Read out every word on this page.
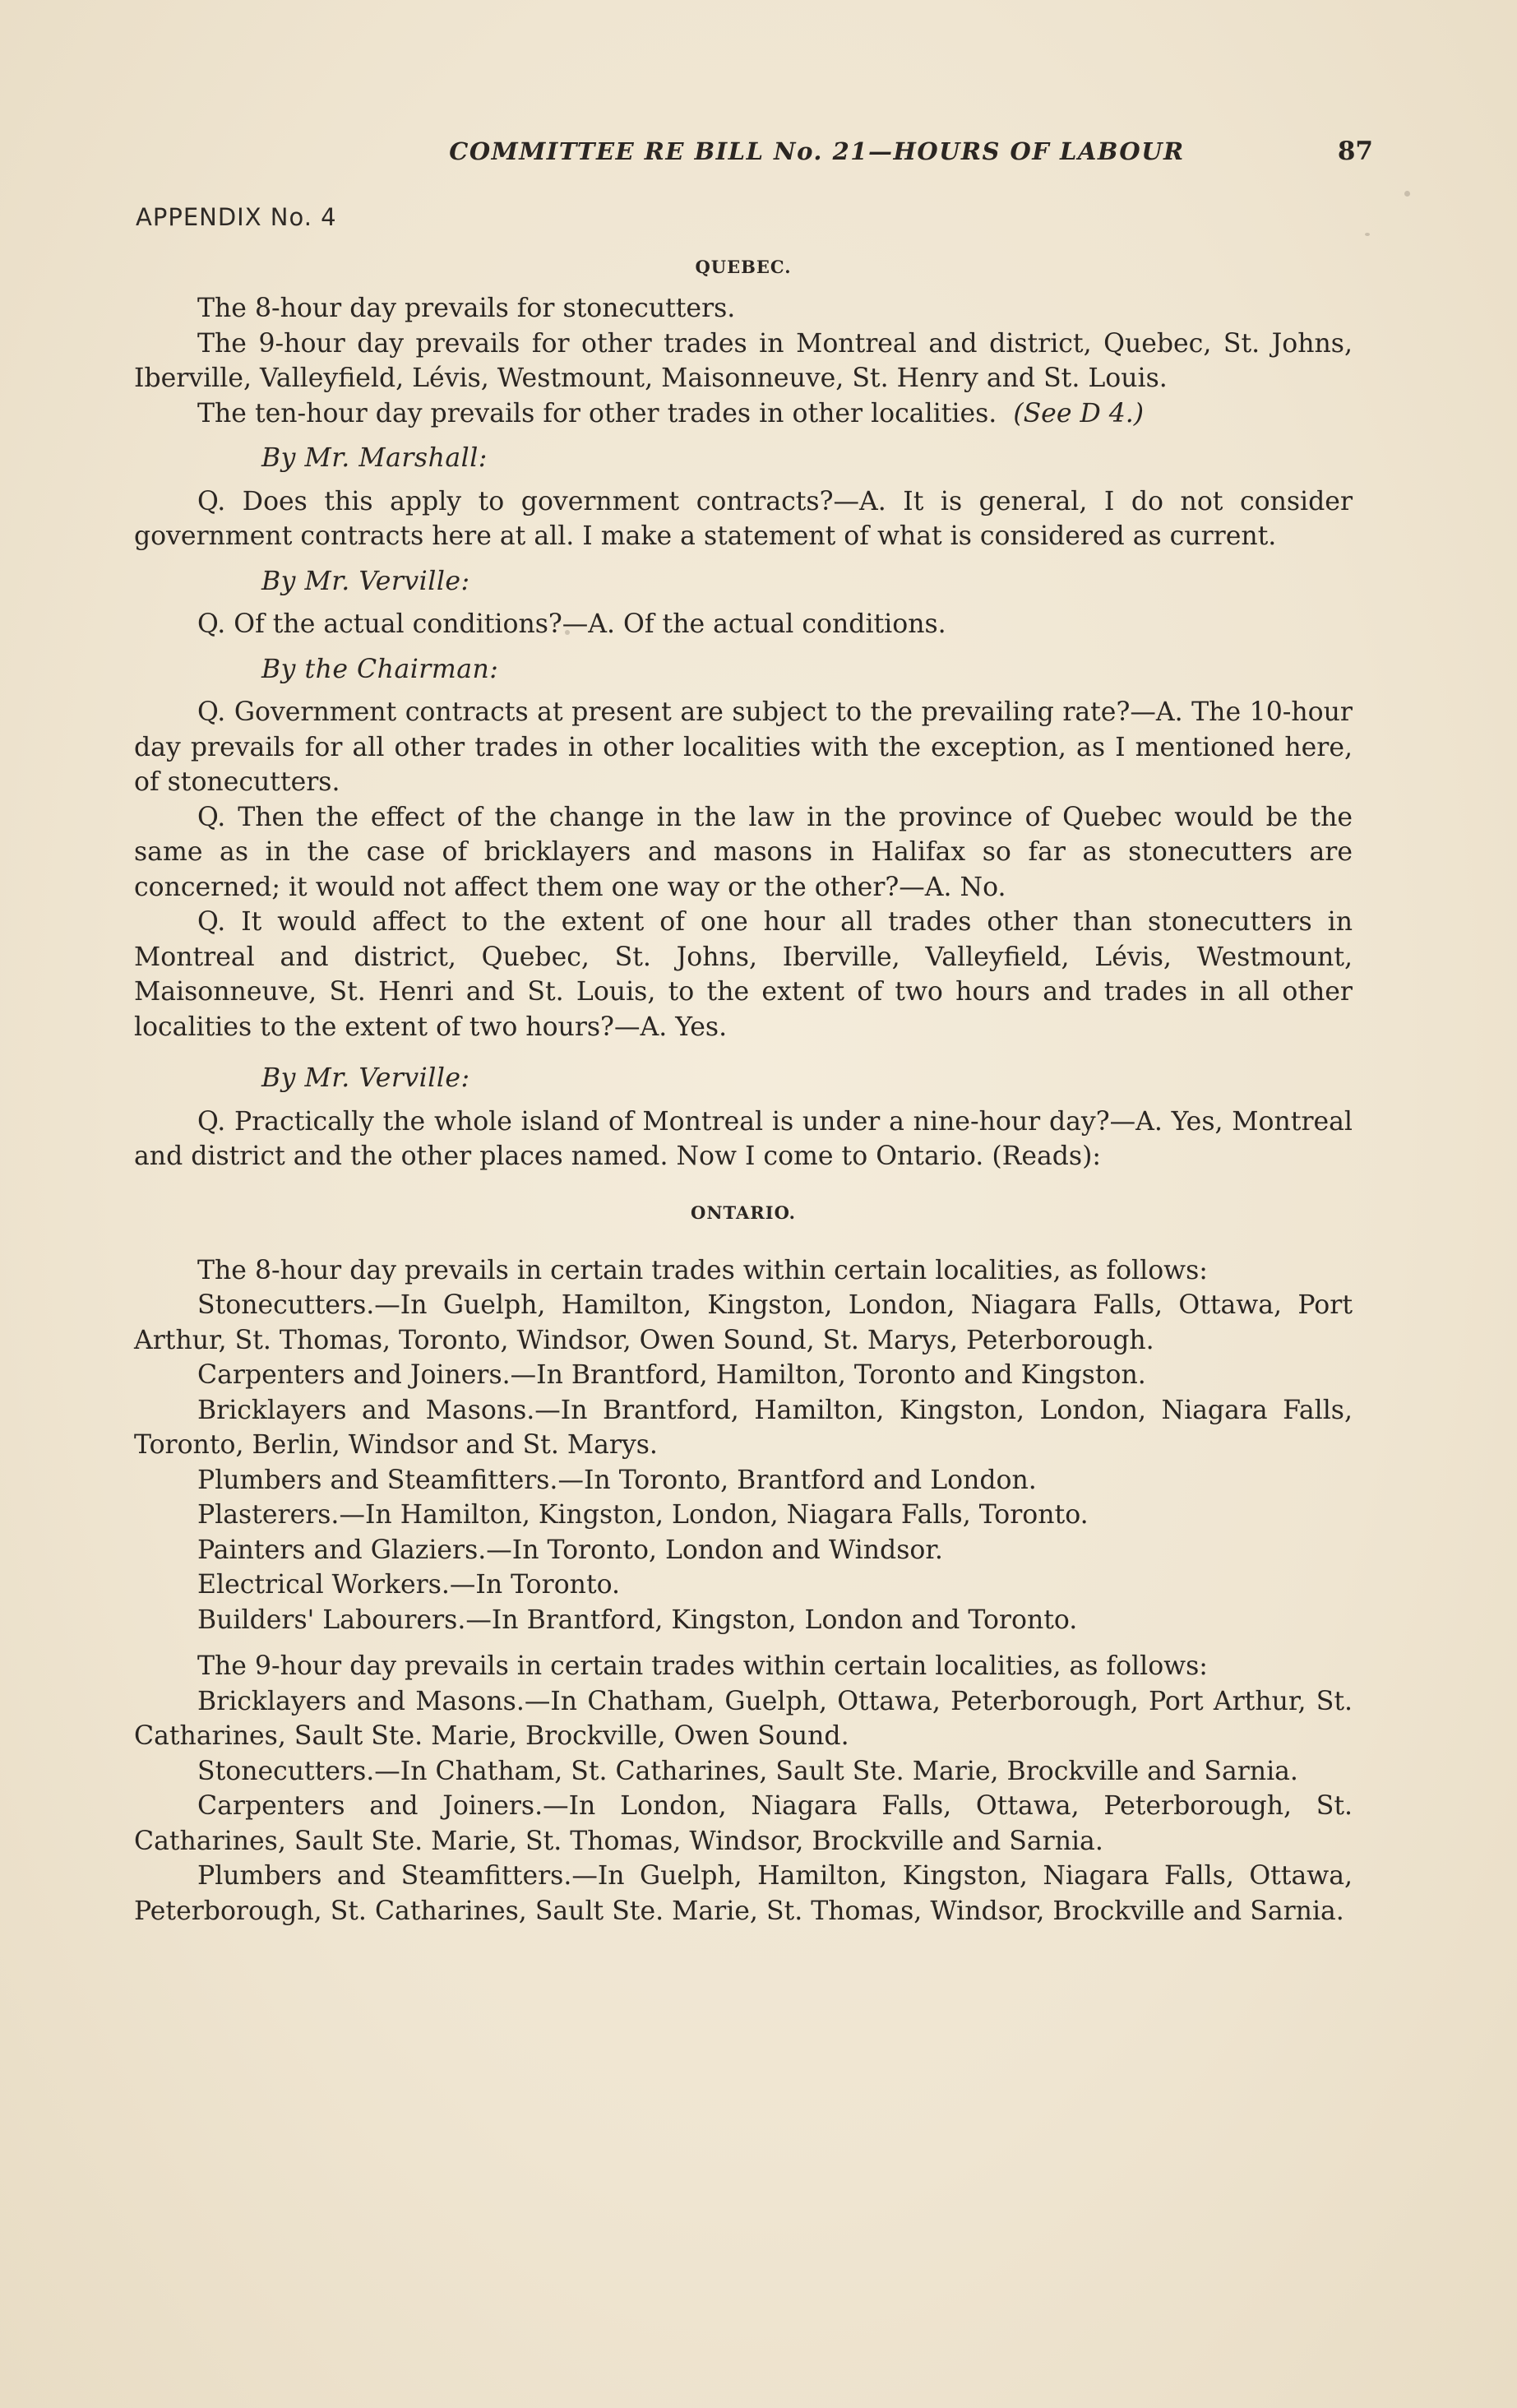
COMMITTEE RE BILL No. 21—HOURS OF LABOUR	87
APPENDIX No. 4
QUEBEC.

The 8-hour day prevails for stonecutters.

The 9-hour day prevails for other trades in Montreal and district, Quebec, St. Johns, Iberville, Valleyfield, Lévis, Westmount, Maisonneuve, St. Henry and St. Louis.

The ten-hour day prevails for other trades in other localities. (See D 4.)

By Mr. Marshall:

Q. Does this apply to government contracts?—A. It is general, I do not consider government contracts here at all. I make a statement of what is considered as current.

By Mr. Verville:

Q. Of the actual conditions?—A. Of the actual conditions.

By the Chairman:

Q. Government contracts at present are subject to the prevailing rate?—A. The 10-hour day prevails for all other trades in other localities with the exception, as I mentioned here, of stonecutters.

Q. Then the effect of the change in the law in the province of Quebec would be the same as in the case of bricklayers and masons in Halifax so far as stonecutters are concerned; it would not affect them one way or the other?—A. No.

Q. It would affect to the extent of one hour all trades other than stonecutters in Montreal and district, Quebec, St. Johns, Iberville, Valleyfield, Lévis, Westmount, Maisonneuve, St. Henri and St. Louis, to the extent of two hours and trades in all other localities to the extent of two hours?—A. Yes.

By Mr. Verville:

Q. Practically the whole island of Montreal is under a nine-hour day?—A. Yes, Montreal and district and the other places named. Now I come to Ontario. (Reads):

ONTARIO.

The 8-hour day prevails in certain trades within certain localities, as follows:

Stonecutters.—In Guelph, Hamilton, Kingston, London, Niagara Falls, Ottawa, Port Arthur, St. Thomas, Toronto, Windsor, Owen Sound, St. Marys, Peterborough.

Carpenters and Joiners.—In Brantford, Hamilton, Toronto and Kingston.

Bricklayers and Masons.—In Brantford, Hamilton, Kingston, London, Niagara Falls, Toronto, Berlin, Windsor and St. Marys.

Plumbers and Steamfitters.—In Toronto, Brantford and London.

Plasterers.—In Hamilton, Kingston, London, Niagara Falls, Toronto.

Painters and Glaziers.—In Toronto, London and Windsor.

Electrical Workers.—In Toronto.

Builders' Labourers.—In Brantford, Kingston, London and Toronto.

The 9-hour day prevails in certain trades within certain localities, as follows:

Bricklayers and Masons.—In Chatham, Guelph, Ottawa, Peterborough, Port Arthur, St. Catharines, Sault Ste. Marie, Brockville, Owen Sound.

Stonecutters.—In Chatham, St. Catharines, Sault Ste. Marie, Brockville and Sarnia.

Carpenters and Joiners.—In London, Niagara Falls, Ottawa, Peterborough, St. Catharines, Sault Ste. Marie, St. Thomas, Windsor, Brockville and Sarnia.

Plumbers and Steamfitters.—In Guelph, Hamilton, Kingston, Niagara Falls, Ottawa, Peterborough, St. Catharines, Sault Ste. Marie, St. Thomas, Windsor, Brockville and Sarnia.
